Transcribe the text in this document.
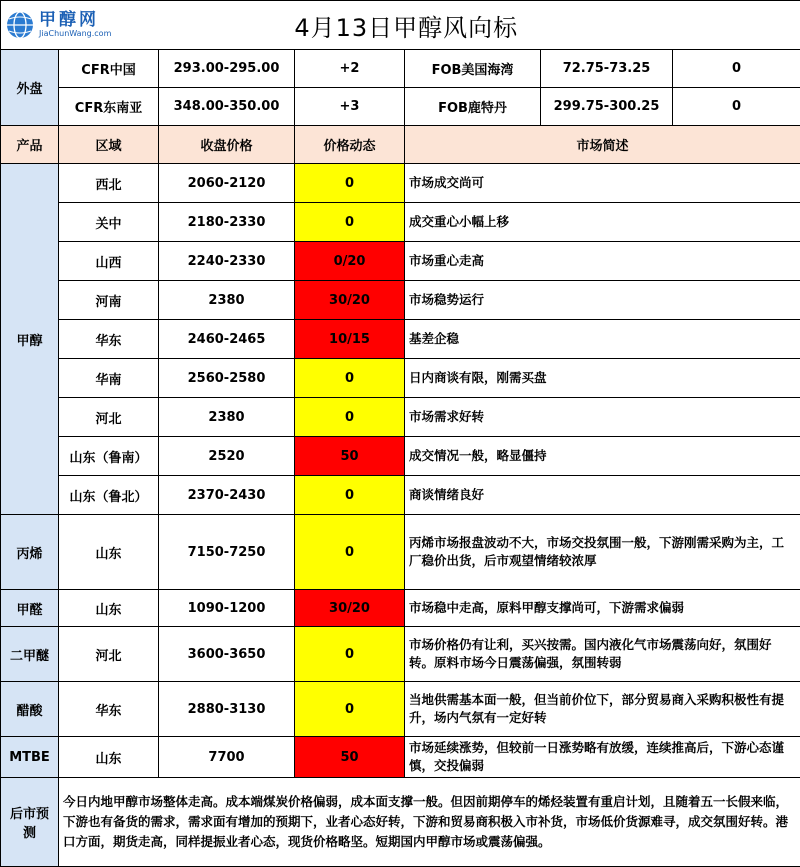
甲醇网
JiaChunWang.com		4月13日甲醇风向标				
外盘	CFR中国	293.00-295.00	+2	FOB美国海湾	72.75-73.25	0
	CFR东南亚	348.00-350.00	+3	FOB鹿特丹	299.75-300.25	0
产品	区域	收盘价格	价格动态	市场简述		
甲醇	西北	2060-2120	0	市场成交尚可		
	关中	2180-2330	0	成交重心小幅上移		
	山西	2240-2330	0/20	市场重心走高		
	河南	2380	30/20	市场稳势运行		
	华东	2460-2465	10/15	基差企稳		
	华南	2560-2580	0	日内商谈有限，刚需买盘		
	河北	2380	0	市场需求好转		
	山东（鲁南）	2520	50	成交情况一般，略显僵持		
	山东（鲁北）	2370-2430	0	商谈情绪良好		
丙烯	山东	7150-7250	0	丙烯市场报盘波动不大，市场交投氛围一般，下游刚需采购为主，工厂稳价出货，后市观望情绪较浓厚		
甲醛	山东	1090-1200	30/20	市场稳中走高，原料甲醇支撑尚可，下游需求偏弱		
二甲醚	河北	3600-3650	0	市场价格仍有让利，买兴按需。国内液化气市场震荡向好，氛围好转。原料市场今日震荡偏强，氛围转弱		
醋酸	华东	2880-3130	0	当地供需基本面一般，但当前价位下，部分贸易商入采购积极性有提升，场内气氛有一定好转		
MTBE	山东	7700	50	市场延续涨势，但较前一日涨势略有放缓，连续推高后，下游心态谨慎，交投偏弱		
后市预测	今日内地甲醇市场整体走高。成本端煤炭价格偏弱，成本面支撑一般。但因前期停车的烯烃装置有重启计划，且随着五一长假来临，下游也有备货的需求，需求面有增加的预期下，业者心态好转，下游和贸易商积极入市补货，市场低价货源难寻，成交氛围好转。港口方面，期货走高，同样提振业者心态，现货价格略坚。短期国内甲醇市场或震荡偏强。					
